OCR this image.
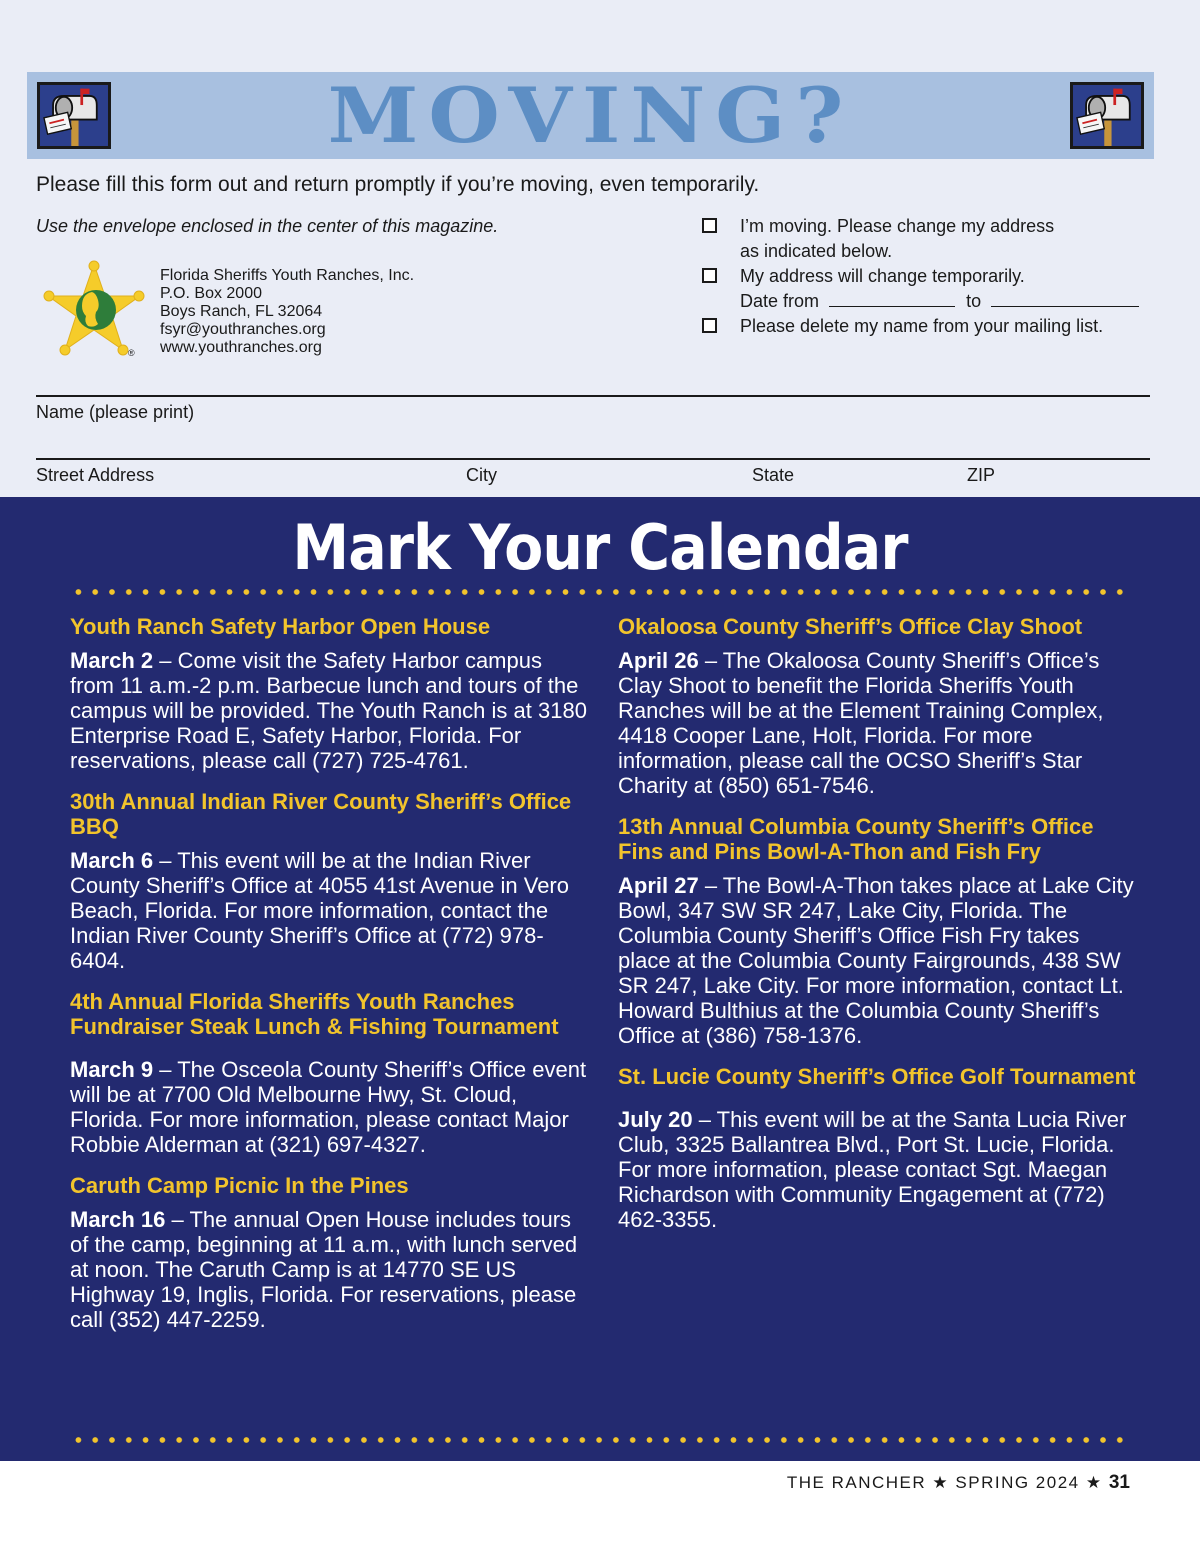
MOVING?
Please fill this form out and return promptly if you’re moving, even temporarily.
Use the envelope enclosed in the center of this magazine.
®
Florida Sheriffs Youth Ranches, Inc.
P.O. Box 2000
Boys Ranch, FL 32064
fsyr@youthranches.org
www.youthranches.org
I’m moving. Please change my address
as indicated below.
My address will change temporarily.
Date from	to
Please delete my name from your mailing list.
Name (please print)
Street Address	City	State	ZIP
Mark Your Calendar
Youth Ranch Safety Harbor Open House
March 2 – Come visit the Safety Harbor campus from 11 a.m.-2 p.m. Barbecue lunch and tours of the campus will be provided. The Youth Ranch is at 3180 Enterprise Road E, Safety Harbor, Florida. For reservations, please call (727) 725-4761.
30th Annual Indian River County Sheriff’s Office BBQ
March 6 – This event will be at the Indian River County Sheriff’s Office at 4055 41st Avenue in Vero Beach, Florida. For more information, contact the Indian River County Sheriff’s Office at (772) 978-6404.
4th Annual Florida Sheriffs Youth Ranches Fundraiser Steak Lunch & Fishing Tournament
March 9 – The Osceola County Sheriff’s Office event will be at 7700 Old Melbourne Hwy, St. Cloud, Florida. For more information, please contact Major Robbie Alderman at (321) 697-4327.
Caruth Camp Picnic In the Pines
March 16 – The annual Open House includes tours of the camp, beginning at 11 a.m., with lunch served at noon. The Caruth Camp is at 14770 SE US Highway 19, Inglis, Florida. For reservations, please call (352) 447-2259.
Okaloosa County Sheriff’s Office Clay Shoot
April 26 – The Okaloosa County Sheriff’s Office’s Clay Shoot to benefit the Florida Sheriffs Youth Ranches will be at the Element Training Complex, 4418 Cooper Lane, Holt, Florida. For more information, please call the OCSO Sheriff’s Star Charity at (850) 651-7546.
13th Annual Columbia County Sheriff’s Office Fins and Pins Bowl-A-Thon and Fish Fry
April 27 – The Bowl-A-Thon takes place at Lake City Bowl, 347 SW SR 247, Lake City, Florida. The Columbia County Sheriff’s Office Fish Fry takes place at the Columbia County Fairgrounds, 438 SW SR 247, Lake City. For more information, contact Lt. Howard Bulthius at the Columbia County Sheriff’s Office at (386) 758-1376.
St. Lucie County Sheriff’s Office Golf Tournament
July 20 – This event will be at the Santa Lucia River Club, 3325 Ballantrea Blvd., Port St. Lucie, Florida. For more information, please contact Sgt. Maegan Richardson with Community Engagement at (772) 462-3355.
THE RANCHER ★ SPRING 2024 ★ 31
